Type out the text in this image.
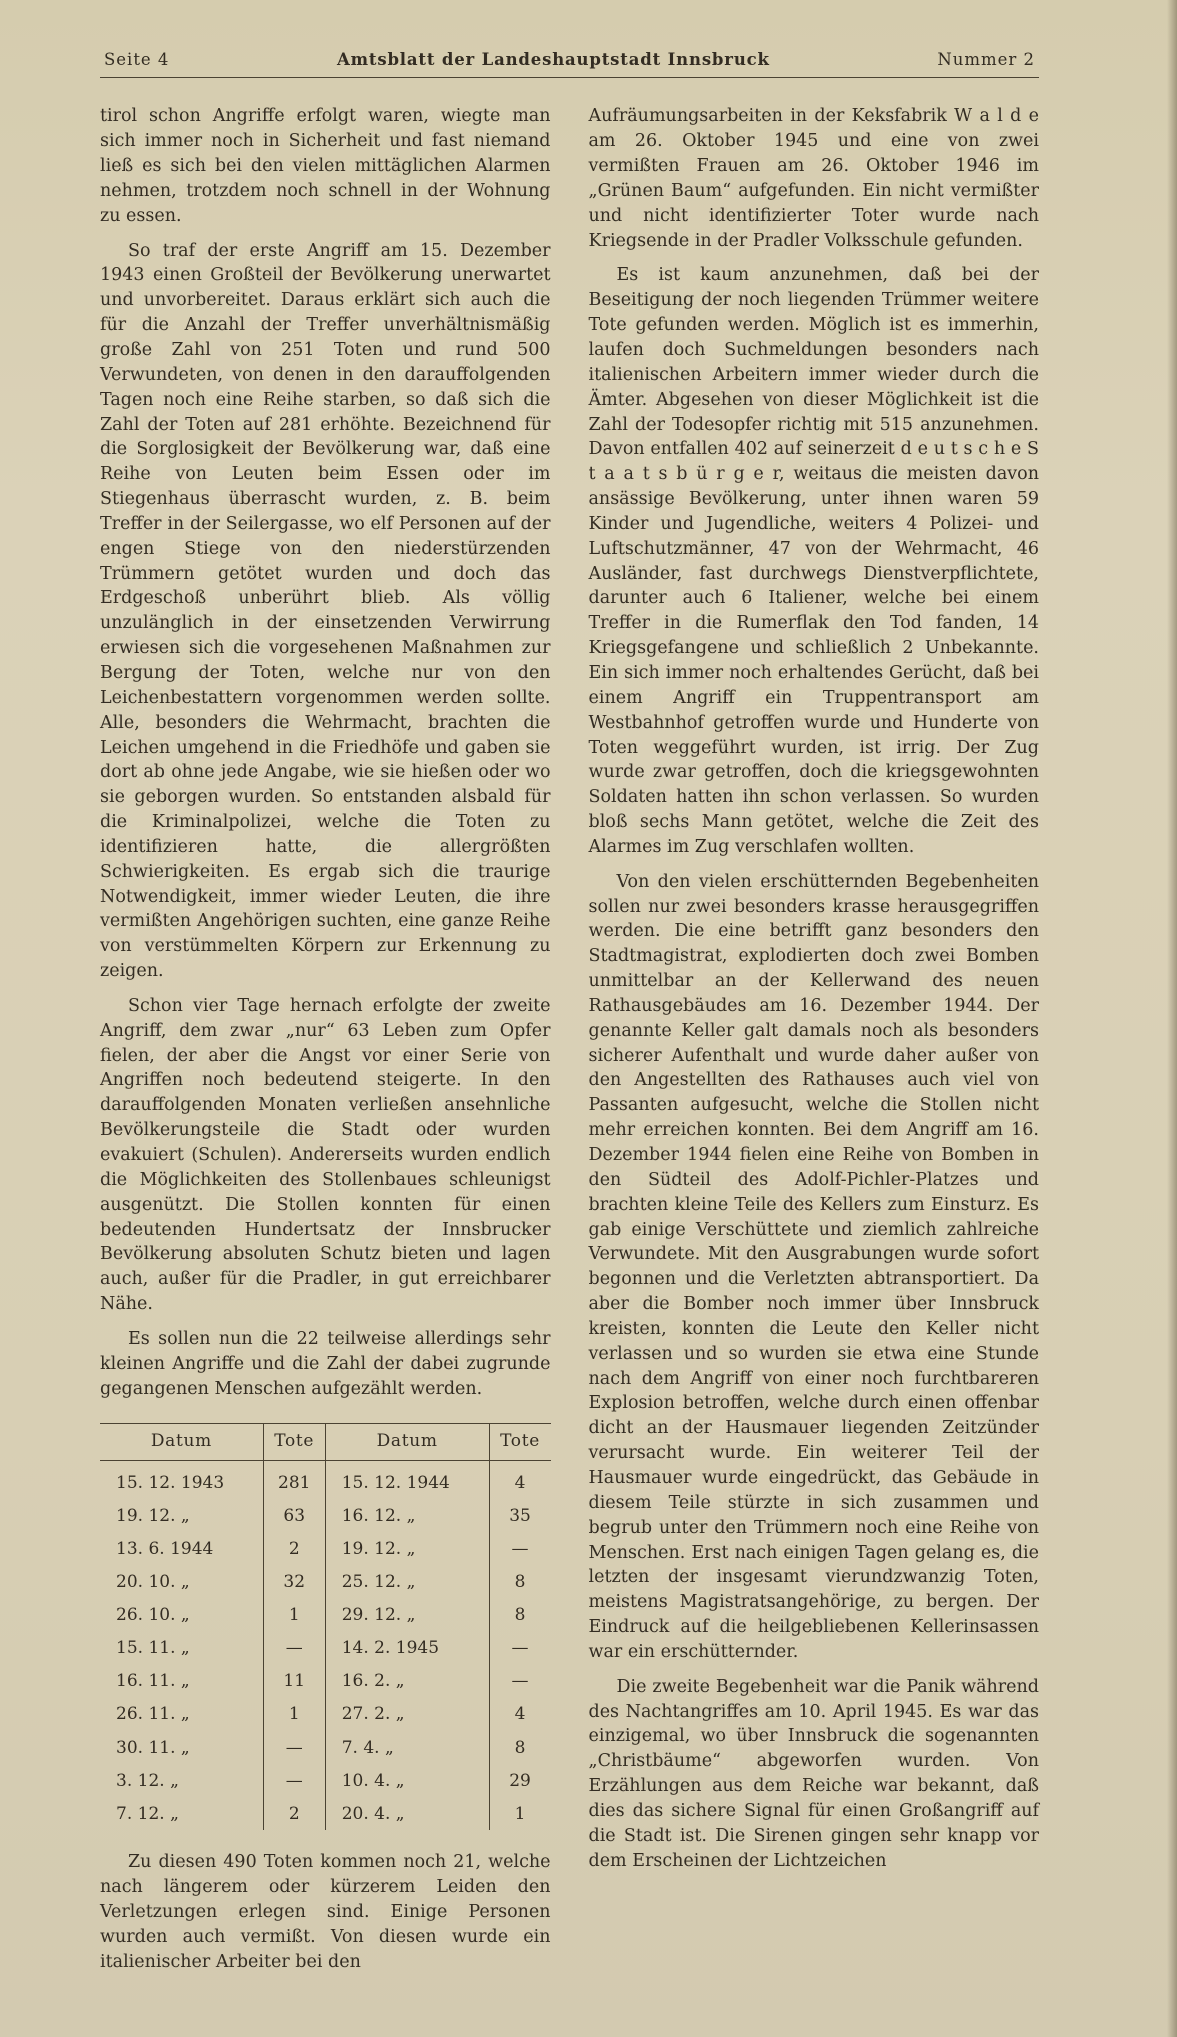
Seite 4	Amtsblatt der Landeshauptstadt Innsbruck	Nummer 2

tirol schon Angriffe erfolgt waren, wiegte man sich immer noch in Sicherheit und fast niemand ließ es sich bei den vielen mittäglichen Alarmen nehmen, trotzdem noch schnell in der Wohnung zu essen.

So traf der erste Angriff am 15. Dezember 1943 einen Großteil der Bevölkerung unerwartet und unvorbereitet. Daraus erklärt sich auch die für die Anzahl der Treffer unverhältnismäßig große Zahl von 251 Toten und rund 500 Verwundeten, von denen in den darauffolgenden Tagen noch eine Reihe starben, so daß sich die Zahl der Toten auf 281 erhöhte. Bezeichnend für die Sorglosigkeit der Bevölkerung war, daß eine Reihe von Leuten beim Essen oder im Stiegenhaus überrascht wurden, z. B. beim Treffer in der Seilergasse, wo elf Personen auf der engen Stiege von den niederstürzenden Trümmern getötet wurden und doch das Erdgeschoß unberührt blieb. Als völlig unzulänglich in der einsetzenden Verwirrung erwiesen sich die vorgesehenen Maßnahmen zur Bergung der Toten, welche nur von den Leichenbestattern vorgenommen werden sollte. Alle, besonders die Wehrmacht, brachten die Leichen umgehend in die Friedhöfe und gaben sie dort ab ohne jede Angabe, wie sie hießen oder wo sie geborgen wurden. So entstanden alsbald für die Kriminalpolizei, welche die Toten zu identifizieren hatte, die allergrößten Schwierigkeiten. Es ergab sich die traurige Notwendigkeit, immer wieder Leuten, die ihre vermißten Angehörigen suchten, eine ganze Reihe von verstümmelten Körpern zur Erkennung zu zeigen.

Schon vier Tage hernach erfolgte der zweite Angriff, dem zwar „nur“ 63 Leben zum Opfer fielen, der aber die Angst vor einer Serie von Angriffen noch bedeutend steigerte. In den darauffolgenden Monaten verließen ansehnliche Bevölkerungsteile die Stadt oder wurden evakuiert (Schulen). Andererseits wurden endlich die Möglichkeiten des Stollenbaues schleunigst ausgenützt. Die Stollen konnten für einen bedeutenden Hundertsatz der Innsbrucker Bevölkerung absoluten Schutz bieten und lagen auch, außer für die Pradler, in gut erreichbarer Nähe.

Es sollen nun die 22 teilweise allerdings sehr kleinen Angriffe und die Zahl der dabei zugrunde gegangenen Menschen aufgezählt werden.

Datum	Tote	Datum	Tote
15. 12. 1943	281	15. 12. 1944	4
19. 12. „	63	16. 12. „	35
13. 6. 1944	2	19. 12. „	—
20. 10. „	32	25. 12. „	8
26. 10. „	1	29. 12. „	8
15. 11. „	—	14. 2. 1945	—
16. 11. „	11	16. 2. „	—
26. 11. „	1	27. 2. „	4
30. 11. „	—	7. 4. „	8
3. 12. „	—	10. 4. „	29
7. 12. „	2	20. 4. „	1

Zu diesen 490 Toten kommen noch 21, welche nach längerem oder kürzerem Leiden den Verletzungen erlegen sind. Einige Personen wurden auch vermißt. Von diesen wurde ein italienischer Arbeiter bei den

Aufräumungsarbeiten in der Keksfabrik W a l d e am 26. Oktober 1945 und eine von zwei vermißten Frauen am 26. Oktober 1946 im „Grünen Baum“ aufgefunden. Ein nicht vermißter und nicht identifizierter Toter wurde nach Kriegsende in der Pradler Volksschule gefunden.

Es ist kaum anzunehmen, daß bei der Beseitigung der noch liegenden Trümmer weitere Tote gefunden werden. Möglich ist es immerhin, laufen doch Suchmeldungen besonders nach italienischen Arbeitern immer wieder durch die Ämter. Abgesehen von dieser Möglichkeit ist die Zahl der Todesopfer richtig mit 515 anzunehmen. Davon entfallen 402 auf seinerzeit d e u t s c h e S t a a t s b ü r g e r, weitaus die meisten davon ansässige Bevölkerung, unter ihnen waren 59 Kinder und Jugendliche, weiters 4 Polizei- und Luftschutzmänner, 47 von der Wehrmacht, 46 Ausländer, fast durchwegs Dienstverpflichtete, darunter auch 6 Italiener, welche bei einem Treffer in die Rumerflak den Tod fanden, 14 Kriegsgefangene und schließlich 2 Unbekannte. Ein sich immer noch erhaltendes Gerücht, daß bei einem Angriff ein Truppentransport am Westbahnhof getroffen wurde und Hunderte von Toten weggeführt wurden, ist irrig. Der Zug wurde zwar getroffen, doch die kriegsgewohnten Soldaten hatten ihn schon verlassen. So wurden bloß sechs Mann getötet, welche die Zeit des Alarmes im Zug verschlafen wollten.

Von den vielen erschütternden Begebenheiten sollen nur zwei besonders krasse herausgegriffen werden. Die eine betrifft ganz besonders den Stadtmagistrat, explodierten doch zwei Bomben unmittelbar an der Kellerwand des neuen Rathausgebäudes am 16. Dezember 1944. Der genannte Keller galt damals noch als besonders sicherer Aufenthalt und wurde daher außer von den Angestellten des Rathauses auch viel von Passanten aufgesucht, welche die Stollen nicht mehr erreichen konnten. Bei dem Angriff am 16. Dezember 1944 fielen eine Reihe von Bomben in den Südteil des Adolf-Pichler-Platzes und brachten kleine Teile des Kellers zum Einsturz. Es gab einige Verschüttete und ziemlich zahlreiche Verwundete. Mit den Ausgrabungen wurde sofort begonnen und die Verletzten abtransportiert. Da aber die Bomber noch immer über Innsbruck kreisten, konnten die Leute den Keller nicht verlassen und so wurden sie etwa eine Stunde nach dem Angriff von einer noch furchtbareren Explosion betroffen, welche durch einen offenbar dicht an der Hausmauer liegenden Zeitzünder verursacht wurde. Ein weiterer Teil der Hausmauer wurde eingedrückt, das Gebäude in diesem Teile stürzte in sich zusammen und begrub unter den Trümmern noch eine Reihe von Menschen. Erst nach einigen Tagen gelang es, die letzten der insgesamt vierundzwanzig Toten, meistens Magistratsangehörige, zu bergen. Der Eindruck auf die heilgebliebenen Kellerinsassen war ein erschütternder.

Die zweite Begebenheit war die Panik während des Nachtangriffes am 10. April 1945. Es war das einzigemal, wo über Innsbruck die sogenannten „Christbäume“ abgeworfen wurden. Von Erzählungen aus dem Reiche war bekannt, daß dies das sichere Signal für einen Großangriff auf die Stadt ist. Die Sirenen gingen sehr knapp vor dem Erscheinen der Lichtzeichen
